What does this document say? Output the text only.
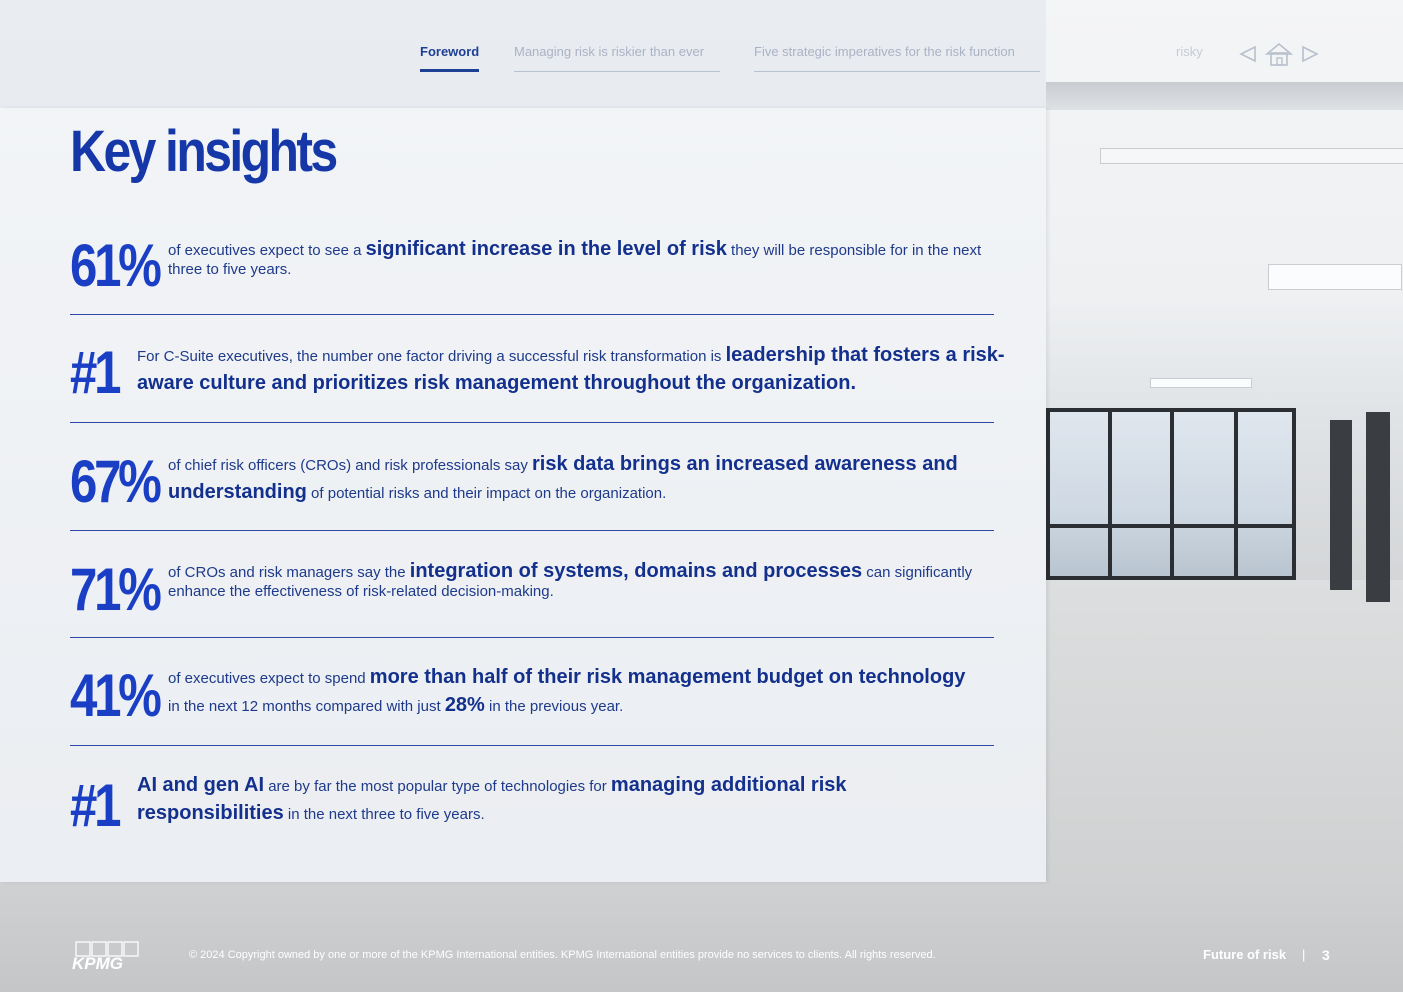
Foreword	Managing risk is riskier than ever	Five strategic imperatives for the risk function	risky
Key insights
61% of executives expect to see a significant increase in the level of risk they will be responsible for in the next three to five years.
#1 For C-Suite executives, the number one factor driving a successful risk transformation is leadership that fosters a risk-aware culture and prioritizes risk management throughout the organization.
67% of chief risk officers (CROs) and risk professionals say risk data brings an increased awareness and understanding of potential risks and their impact on the organization.
71% of CROs and risk managers say the integration of systems, domains and processes can significantly enhance the effectiveness of risk-related decision-making.
41% of executives expect to spend more than half of their risk management budget on technology in the next 12 months compared with just 28% in the previous year.
#1 AI and gen AI are by far the most popular type of technologies for managing additional risk responsibilities in the next three to five years.
KPMG	© 2024 Copyright owned by one or more of the KPMG International entities. KPMG International entities provide no services to clients. All rights reserved.	Future of risk | 3
